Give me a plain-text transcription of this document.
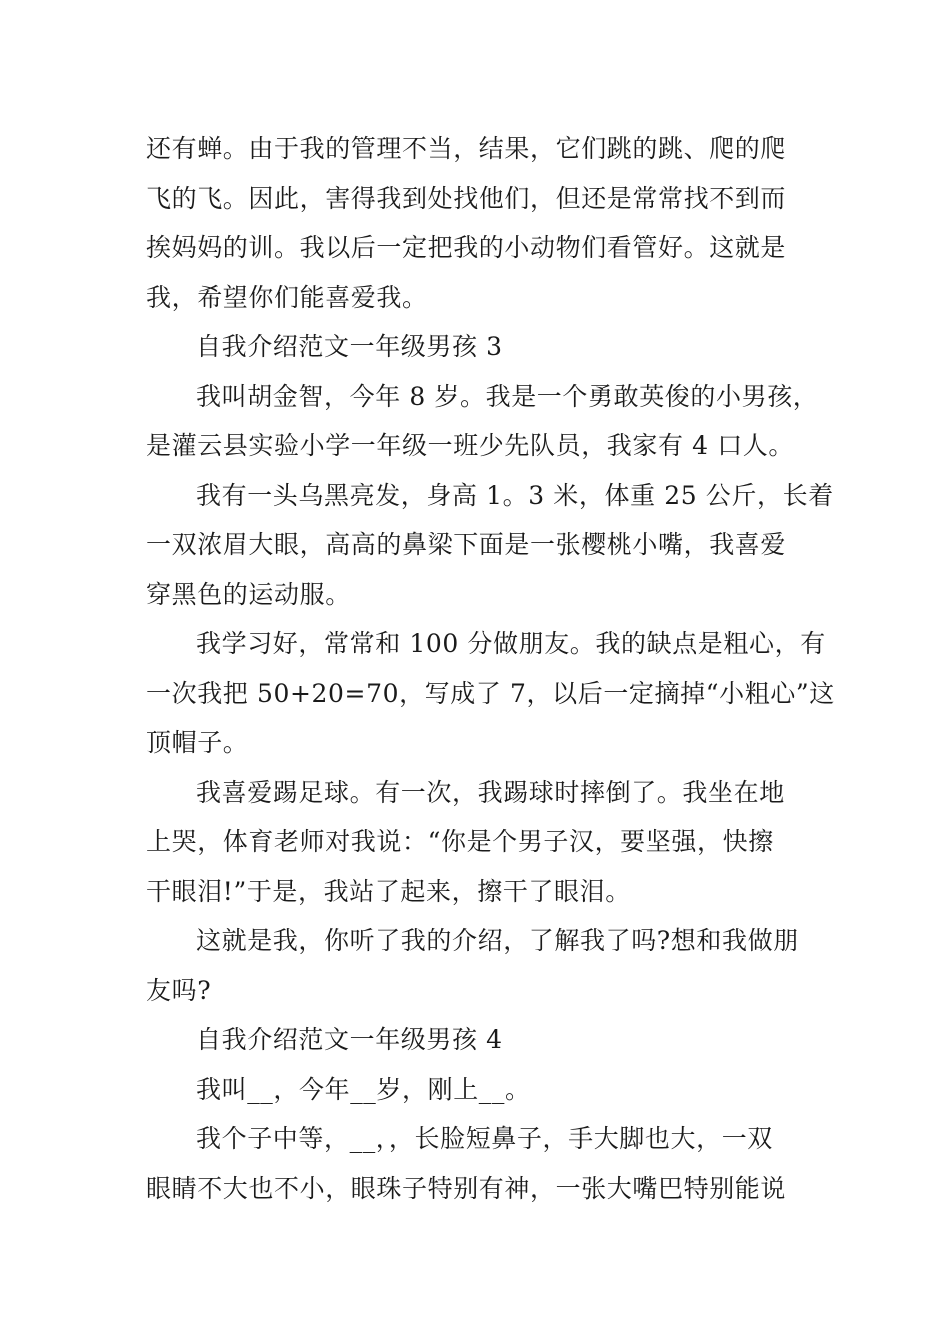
还有蝉。由于我的管理不当，结果，它们跳的跳、爬的爬
飞的飞。因此，害得我到处找他们，但还是常常找不到而
挨妈妈的训。我以后一定把我的小动物们看管好。这就是
我，希望你们能喜爱我。
自我介绍范文一年级男孩 3
我叫胡金智，今年 8 岁。我是一个勇敢英俊的小男孩，
是灌云县实验小学一年级一班少先队员，我家有 4 口人。
我有一头乌黑亮发，身高 1。3 米，体重 25 公斤，长着
一双浓眉大眼，高高的鼻梁下面是一张樱桃小嘴，我喜爱
穿黑色的运动服。
我学习好，常常和 100 分做朋友。我的缺点是粗心，有
一次我把 50+20=70，写成了 7，以后一定摘掉“小粗心”这
顶帽子。
我喜爱踢足球。有一次，我踢球时摔倒了。我坐在地
上哭，体育老师对我说：“你是个男子汉，要坚强，快擦
干眼泪!”于是，我站了起来，擦干了眼泪。
这就是我，你听了我的介绍，了解我了吗?想和我做朋
友吗?
自我介绍范文一年级男孩 4
我叫__，今年__岁，刚上__。
我个子中等，__，，长脸短鼻子，手大脚也大，一双
眼睛不大也不小，眼珠子特别有神，一张大嘴巴特别能说
